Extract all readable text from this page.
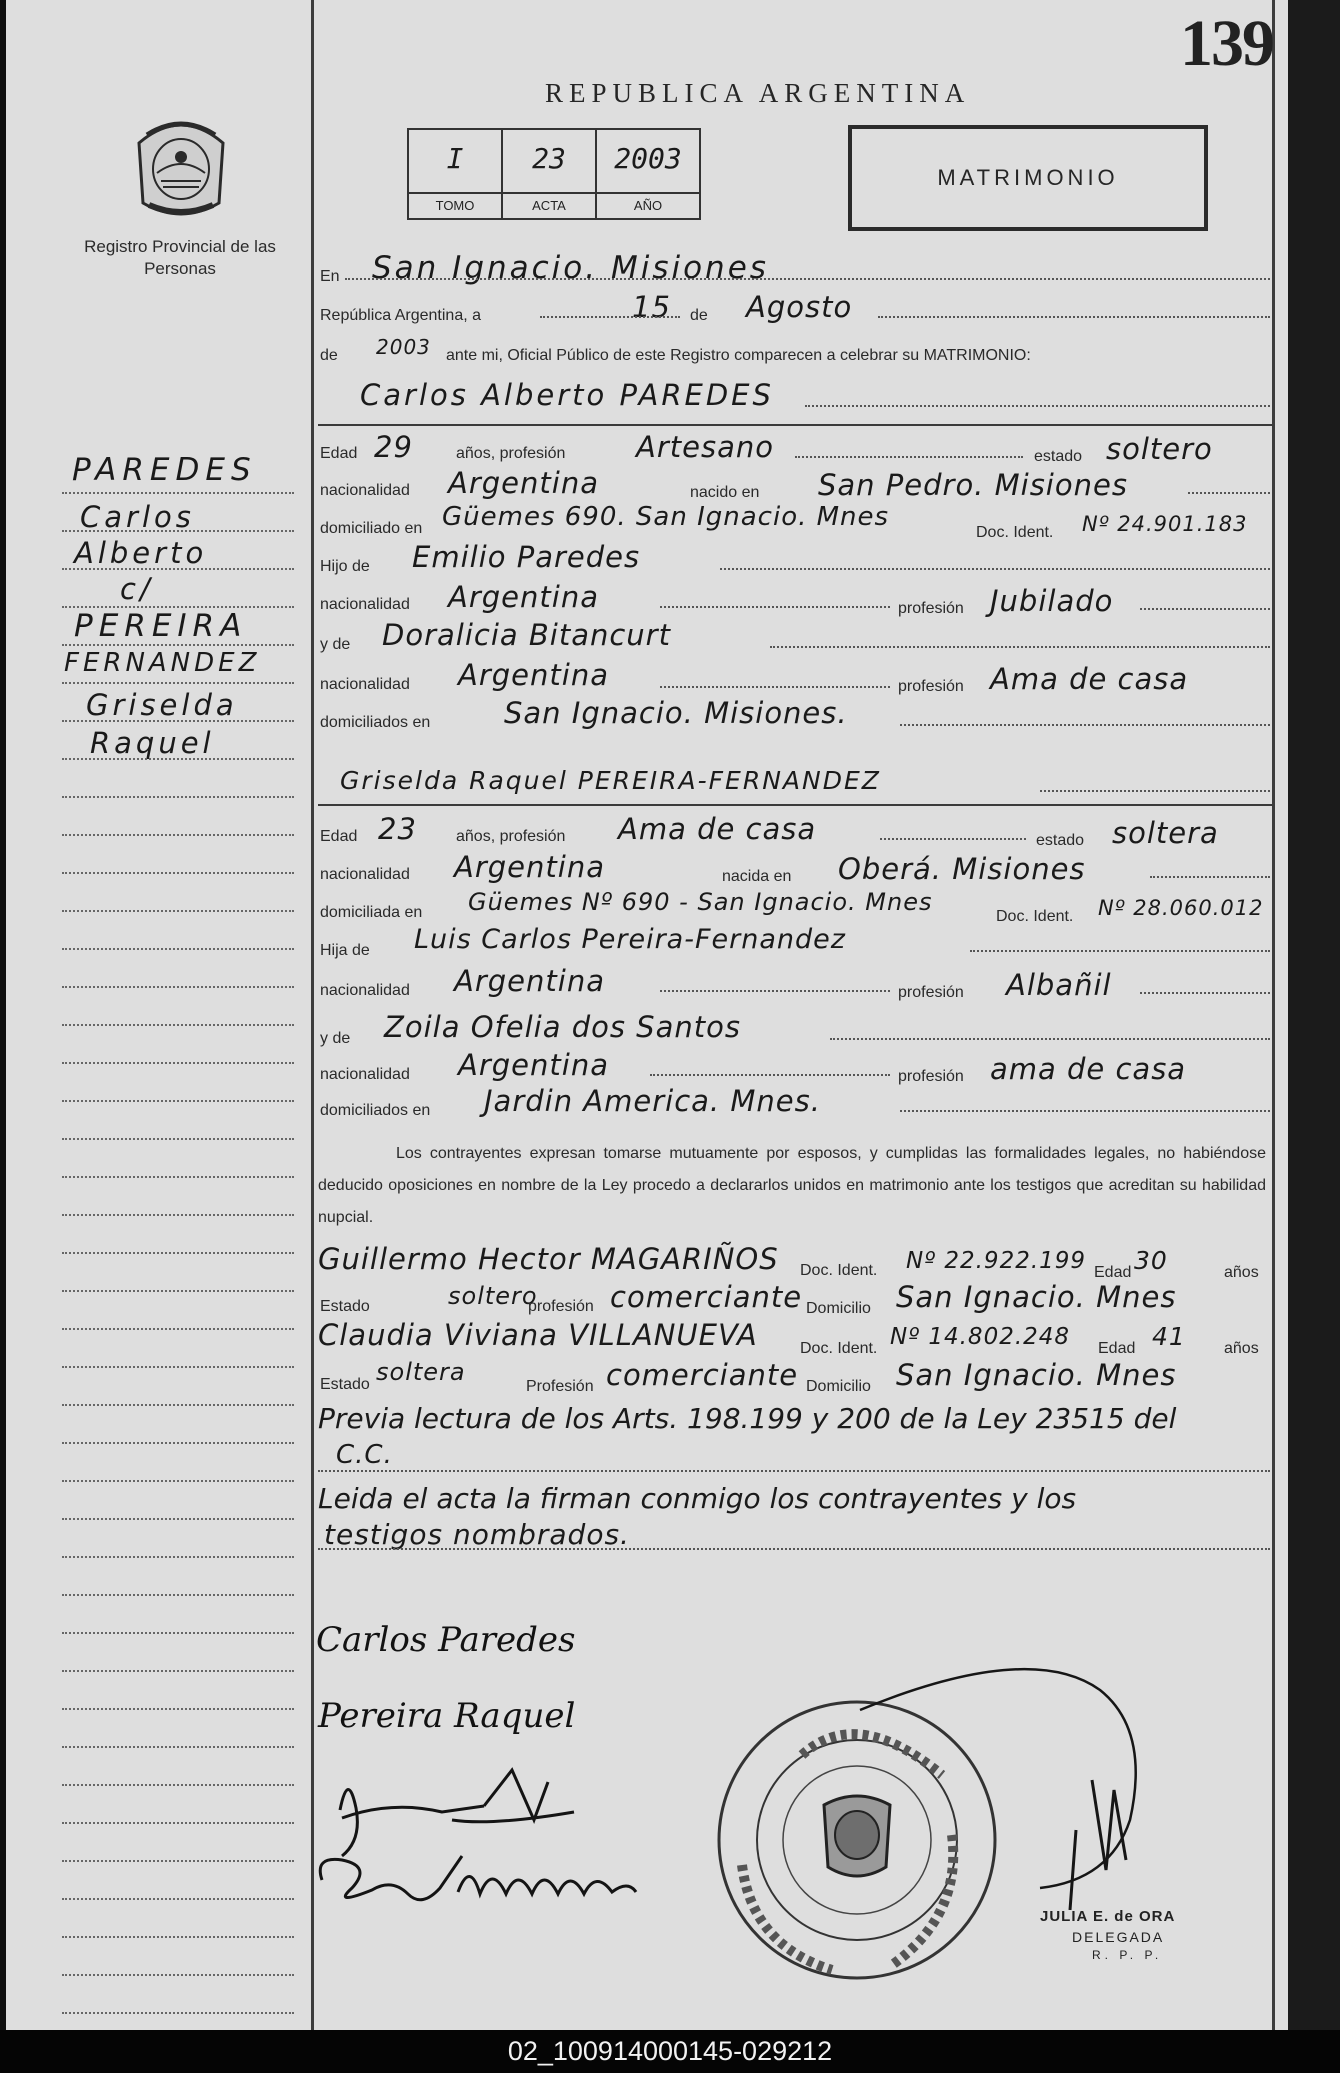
139
REPUBLICA ARGENTINA
Registro Provincial de las Personas
I
TOMO
23
ACTA
2003
AÑO
MATRIMONIO
En San Ignacio. Misiones
República Argentina, a	15 de Agosto
de 2003 ante mi, Oficial Público de este Registro comparecen a celebrar su MATRIMONIO:
Carlos Alberto PAREDES
Edad 29	años, profesión Artesano	estado soltero
nacionalidad Argentina	nacido en San Pedro. Misiones
domiciliado en Güemes 690. San Ignacio. Mnes
Doc. Ident. Nº 24.901.183
Hijo de Emilio Paredes
nacionalidad Argentina	profesión Jubilado
y de Doralicia Bitancurt
nacionalidad Argentina	profesión Ama de casa
domiciliados en	San Ignacio. Misiones.
Griselda Raquel PEREIRA-FERNANDEZ
Edad 23 años, profesión Ama de casa	estado soltera
nacionalidad Argentina	nacida en Oberá. Misiones
domiciliada en Güemes Nº 690 - San Ignacio. Mnes
Doc. Ident. Nº 28.060.012
Hija de Luis Carlos Pereira-Fernandez
nacionalidad Argentina	profesión Albañil
y de Zoila Ofelia dos Santos
nacionalidad Argentina	profesión ama de casa
domiciliados en Jardin America. Mnes.
Los contrayentes expresan tomarse mutuamente por esposos, y cumplidas las formalidades legales, no habiéndose deducido oposiciones en nombre de la Ley procedo a declararlos unidos en matrimonio ante los testigos que acreditan su habilidad nupcial.
Guillermo Hector MAGARIÑOS Doc. Ident. Nº 22.922.199 Edad 30	años
Estado	soltero
profesión comerciante Domicilio San Ignacio. Mnes
Claudia Viviana VILLANUEVA	Doc. Ident. Nº 14.802.248 Edad 41 años
Estado soltera
Profesión comerciante Domicilio San Ignacio. Mnes
Previa lectura de los Arts. 198.199 y 200 de la Ley 23515 del
C.C.
Leida el acta la firman conmigo los contrayentes y los
testigos nombrados.
Carlos Paredes
Pereira Raquel
JULIA E. de ORA
DELEGADA
R. P. P.
PAREDES
Carlos
Alberto
c/
PEREIRA
FERNANDEZ
Griselda
Raquel
02_100914000145-029212
